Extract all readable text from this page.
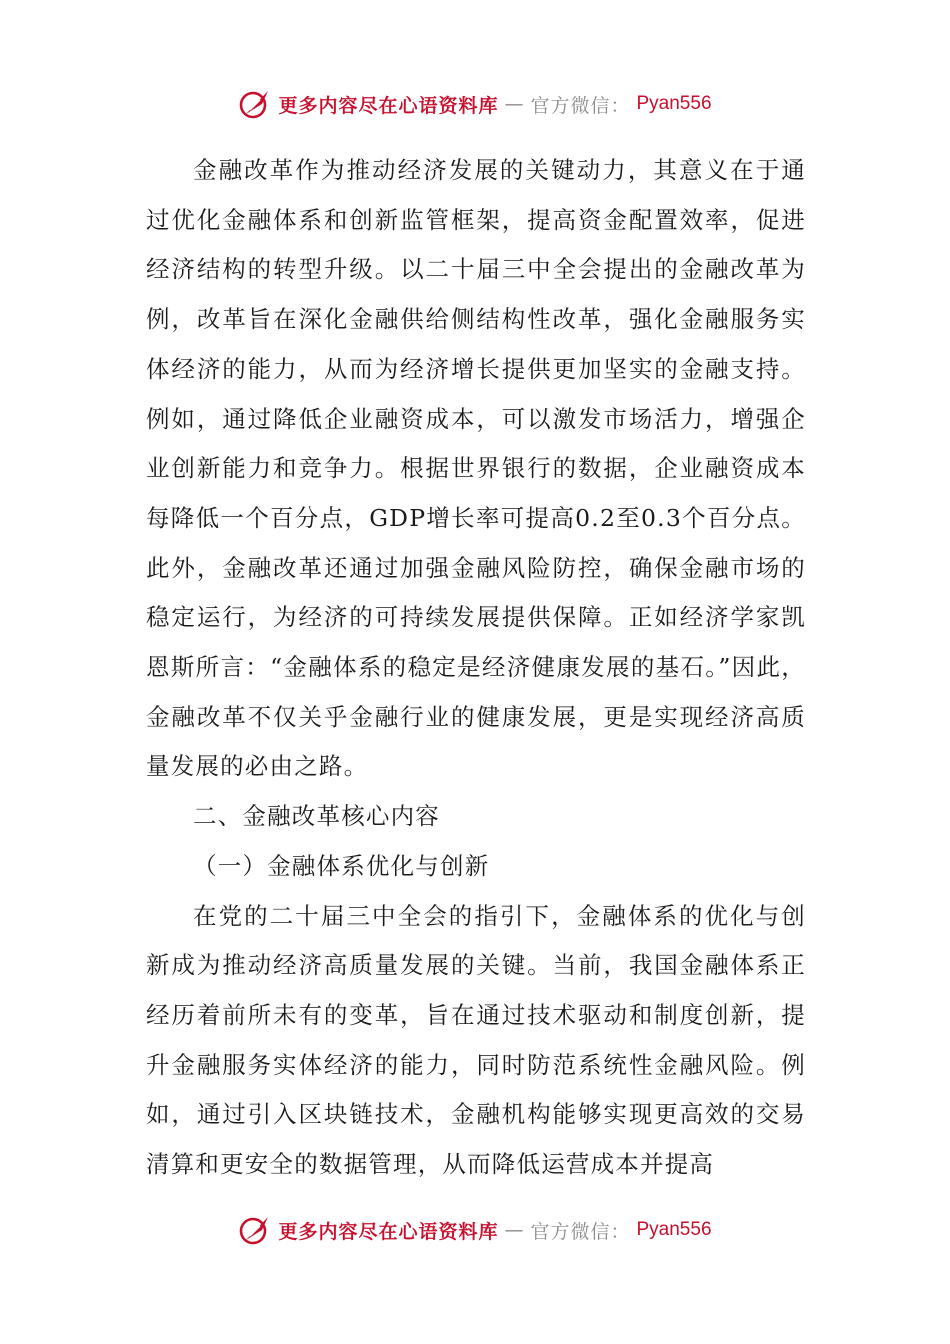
更多内容尽在心语资料库 — 官方微信： Pyan556

金融改革作为推动经济发展的关键动力，其意义在于通过优化金融体系和创新监管框架，提高资金配置效率，促进经济结构的转型升级。以二十届三中全会提出的金融改革为例，改革旨在深化金融供给侧结构性改革，强化金融服务实体经济的能力，从而为经济增长提供更加坚实的金融支持。例如，通过降低企业融资成本，可以激发市场活力，增强企业创新能力和竞争力。根据世界银行的数据，企业融资成本每降低一个百分点，GDP增长率可提高0.2至0.3个百分点。此外，金融改革还通过加强金融风险防控，确保金融市场的稳定运行，为经济的可持续发展提供保障。正如经济学家凯恩斯所言：“金融体系的稳定是经济健康发展的基石。”因此，金融改革不仅关乎金融行业的健康发展，更是实现经济高质量发展的必由之路。

二、金融改革核心内容

（一）金融体系优化与创新

在党的二十届三中全会的指引下，金融体系的优化与创新成为推动经济高质量发展的关键。当前，我国金融体系正经历着前所未有的变革，旨在通过技术驱动和制度创新，提升金融服务实体经济的能力，同时防范系统性金融风险。例如，通过引入区块链技术，金融机构能够实现更高效的交易清算和更安全的数据管理，从而降低运营成本并提高

更多内容尽在心语资料库 — 官方微信： Pyan556
